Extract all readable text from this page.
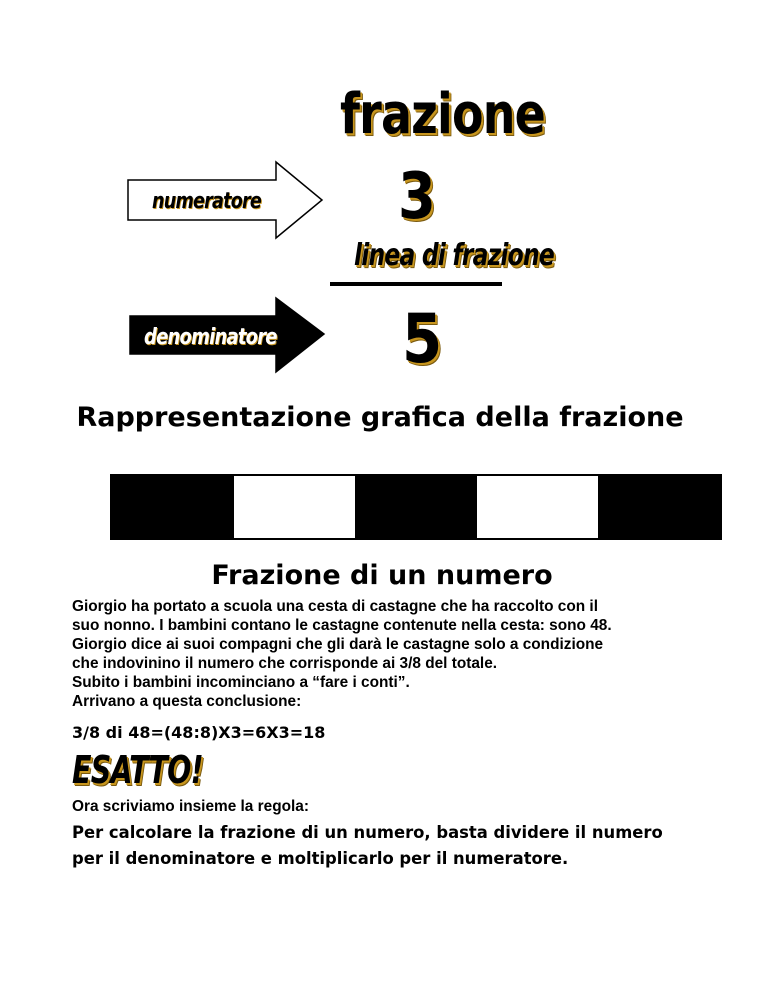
frazione
3
linea di frazione
5
numeratore
denominatore
Rappresentazione grafica della frazione
Frazione di un numero

Giorgio ha portato a scuola una cesta di castagne che ha raccolto con il

suo nonno. I bambini contano le castagne contenute nella cesta: sono 48.

Giorgio dice ai suoi compagni che gli darà le castagne solo a condizione

che indovinino il numero che corrisponde ai 3/8 del totale.

Subito i bambini incominciano a “fare i conti”.

Arrivano a questa conclusione:

3/8 di 48=(48:8)X3=6X3=18
ESATTO!
Ora scriviamo insieme la regola:

Per calcolare la frazione di un numero, basta dividere il numero

per il denominatore e moltiplicarlo per il numeratore.
